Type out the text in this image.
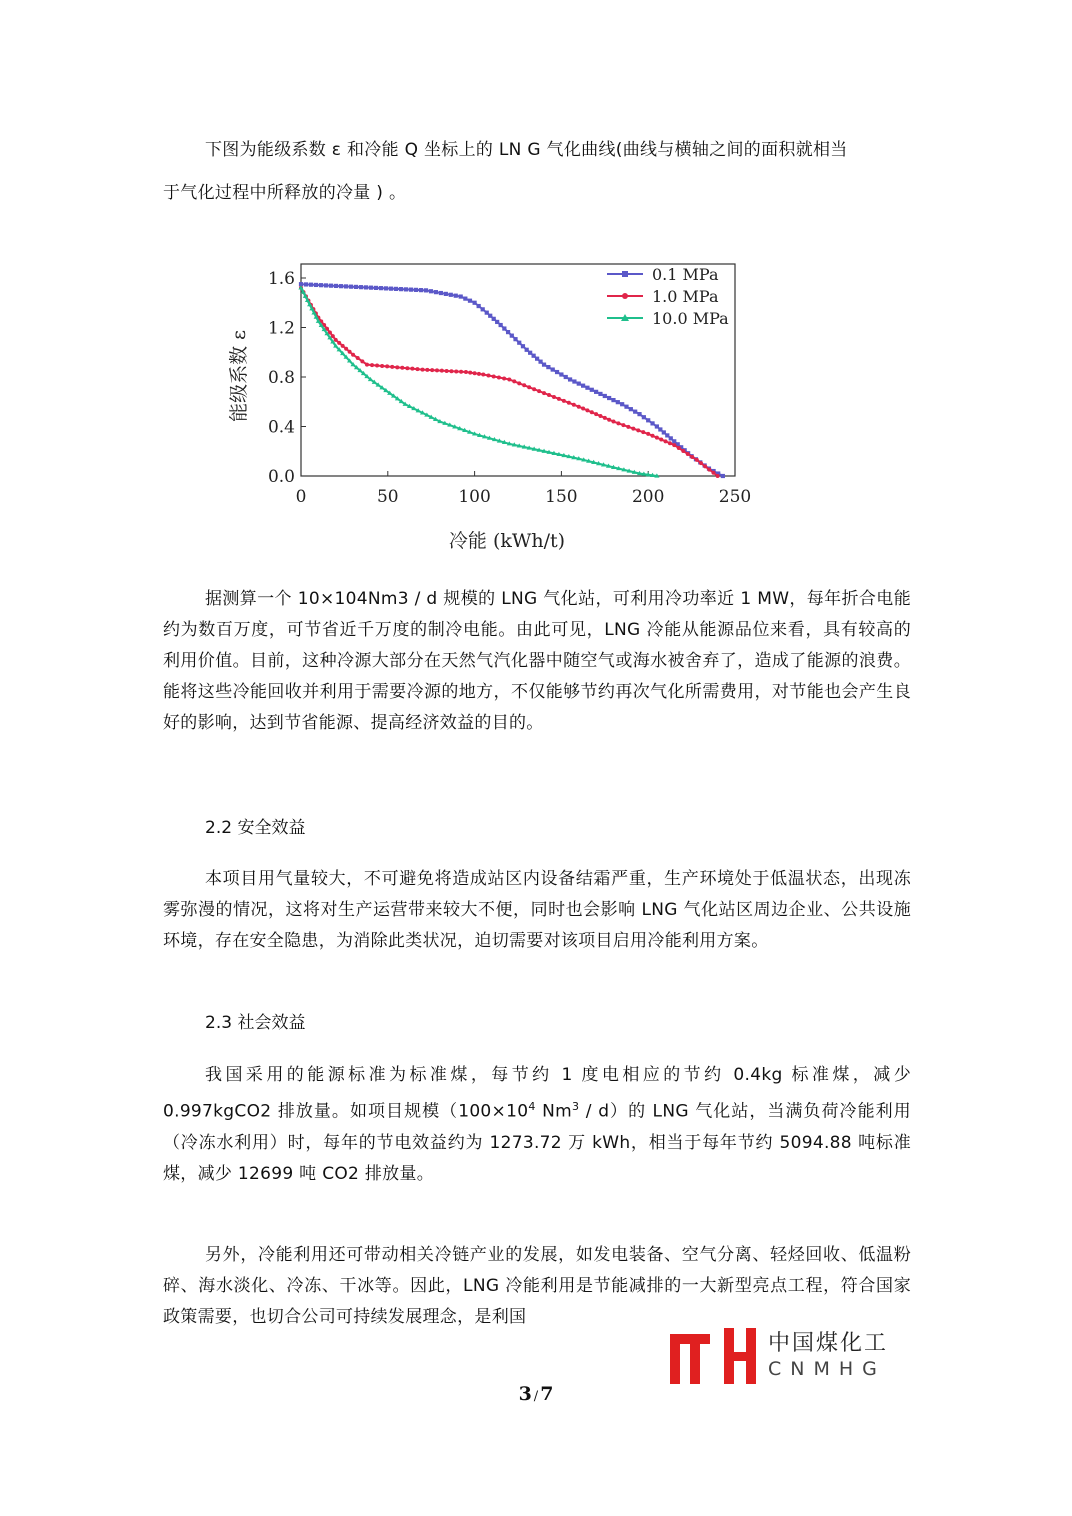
下图为能级系数 ε 和冷能 Q 坐标上的 LN G 气化曲线(曲线与横轴之间的面积就相当

于气化过程中所释放的冷量 ) 。

0	50	100	150	200	250
0.0
0.4
0.8
1.2
1.6	0.1 MPa
1.0 MPa
10.0 MPa
冷能 (kWh/t)
能级系数 ε

据测算一个 10×104Nm3 / d 规模的 LNG 气化站，可利用冷功率近 1 MW，每年折合电能约为数百万度，可节省近千万度的制冷电能。由此可见，LNG 冷能从能源品位来看，具有较高的利用价值。目前，这种冷源大部分在天然气汽化器中随空气或海水被舍弃了，造成了能源的浪费。能将这些冷能回收并利用于需要冷源的地方，不仅能够节约再次气化所需费用，对节能也会产生良好的影响，达到节省能源、提高经济效益的目的。

2.2 安全效益

本项目用气量较大，不可避免将造成站区内设备结霜严重，生产环境处于低温状态，出现冻雾弥漫的情况，这将对生产运营带来较大不便，同时也会影响 LNG 气化站区周边企业、公共设施环境，存在安全隐患，为消除此类状况，迫切需要对该项目启用冷能利用方案。

2.3 社会效益

我国采用的能源标准为标准煤，每节约 1 度电相应的节约 0.4kg 标准煤，减少 0.997kgCO2 排放量。如项目规模（$100\times 10^4$ Nm$^3$ / d）的 LNG 气化站，当满负荷冷能利用（冷冻水利用）时，每年的节电效益约为 1273.72 万 kWh，相当于每年节约 5094.88 吨标准煤，减少 12699 吨 CO2 排放量。

另外，冷能利用还可带动相关冷链产业的发展，如发电装备、空气分离、轻烃回收、低温粉碎、海水淡化、冷冻、干冰等。因此，LNG 冷能利用是节能减排的一大新型亮点工程，符合国家政策需要，也切合公司可持续发展理念，是利国

中国煤化工
CNMHG
3 / 7
